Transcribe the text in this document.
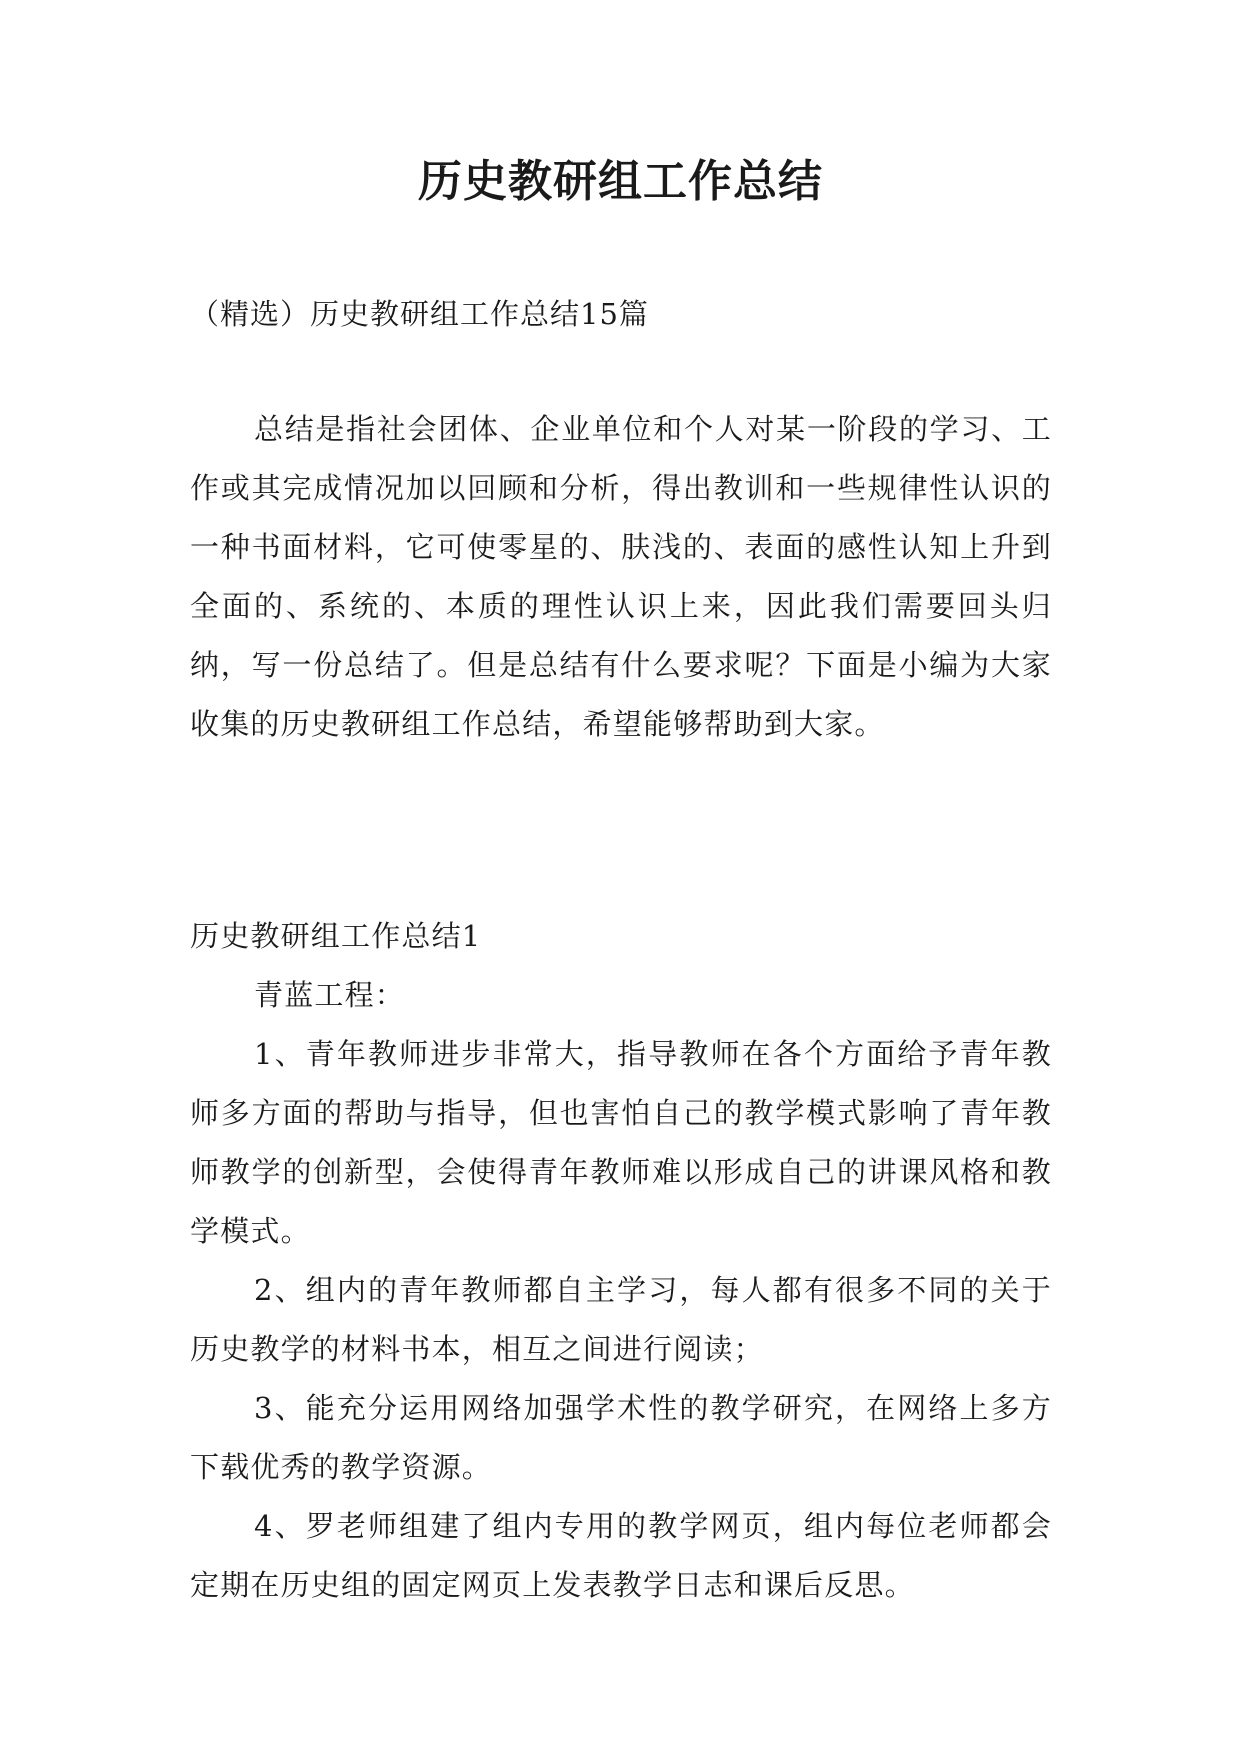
历史教研组工作总结
（精选）历史教研组工作总结15篇

总结是指社会团体、企业单位和个人对某一阶段的学习、工作或其完成情况加以回顾和分析，得出教训和一些规律性认识的一种书面材料，它可使零星的、肤浅的、表面的感性认知上升到全面的、系统的、本质的理性认识上来，因此我们需要回头归纳，写一份总结了。但是总结有什么要求呢？下面是小编为大家收集的历史教研组工作总结，希望能够帮助到大家。

历史教研组工作总结1

青蓝工程：

1、青年教师进步非常大，指导教师在各个方面给予青年教师多方面的帮助与指导，但也害怕自己的教学模式影响了青年教师教学的创新型，会使得青年教师难以形成自己的讲课风格和教学模式。

2、组内的青年教师都自主学习，每人都有很多不同的关于历史教学的材料书本，相互之间进行阅读；

3、能充分运用网络加强学术性的教学研究，在网络上多方下载优秀的教学资源。

4、罗老师组建了组内专用的教学网页，组内每位老师都会定期在历史组的固定网页上发表教学日志和课后反思。
